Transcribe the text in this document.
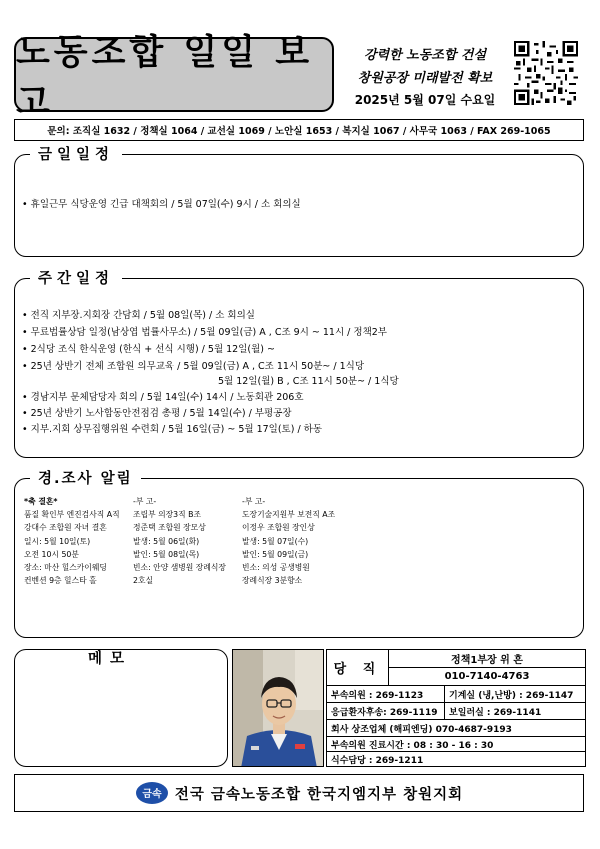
노동조합 일일 보고
강력한 노동조합 건설
창원공장 미래발전 확보
2025년 5월 07일 수요일
문의: 조직실 1632 / 정책실 1064 / 교선실 1069 / 노안실 1653 / 복지실 1067 / 사무국 1063 / FAX 269-1065
금일일정
• 휴일근무 식당운영 긴급 대책회의 / 5월 07일(수) 9시 / 소 회의실
주간일정
• 전직 지부장.지회장 간담회 / 5월 08일(목) / 소 회의실
• 무료법률상담 일정(남상엽 법률사무소) / 5월 09일(금) A , C조 9시 ~ 11시 / 정책2부
• 2식당 조식 한식운영 (한식 + 선식 시행) / 5월 12일(월) ~
• 25년 상반기 전체 조합원 의무교육 / 5월 09일(금) A , C조 11시 50분~ / 1식당
5월 12일(월) B , C조 11시 50분~ / 1식당
• 경남지부 문체담당자 회의 / 5월 14일(수) 14시 / 노동회관 206호
• 25년 상반기 노사합동안전점검 총평 / 5월 14일(수) / 부평공장
• 지부.지회 상무집행위원 수련회 / 5월 16일(금) ~ 5월 17일(토) / 하동
경.조사 알림
*축 결혼*
품질 확인부 엔진검사직 A직
강대수 조합원 자녀 결혼
일시: 5월 10일(토)
오전 10시 50분
장소: 마산 힐스카이웨딩
컨벤션 9층 힐스타 홀
-부 고-
조립부 의장3직 B조
정준택 조합원 장모상
발생: 5월 06일(화)
발인: 5월 08일(목)
빈소: 안양 샘병원 장례식장
2호실
-부 고-
도장기술지원부 보전직 A조
이정우 조합원 장인상
발생: 5월 07일(수)
발인: 5월 09일(금)
빈소: 의성 공생병원
장례식장 3분향소
메모
당 직
정책1부장 위 흔
010-7140-4763
부속의원 : 269-1123	기계실 (냉,난방) : 269-1147
응급환자후송: 269-1119	보일러실 : 269-1141
회사 상조업체 (해피엔딩) 070-4687-9193
부속의원 진료시간 : 08 : 30 - 16 : 30
식수담당 : 269-1211
금속 전국 금속노동조합 한국지엠지부 창원지회
